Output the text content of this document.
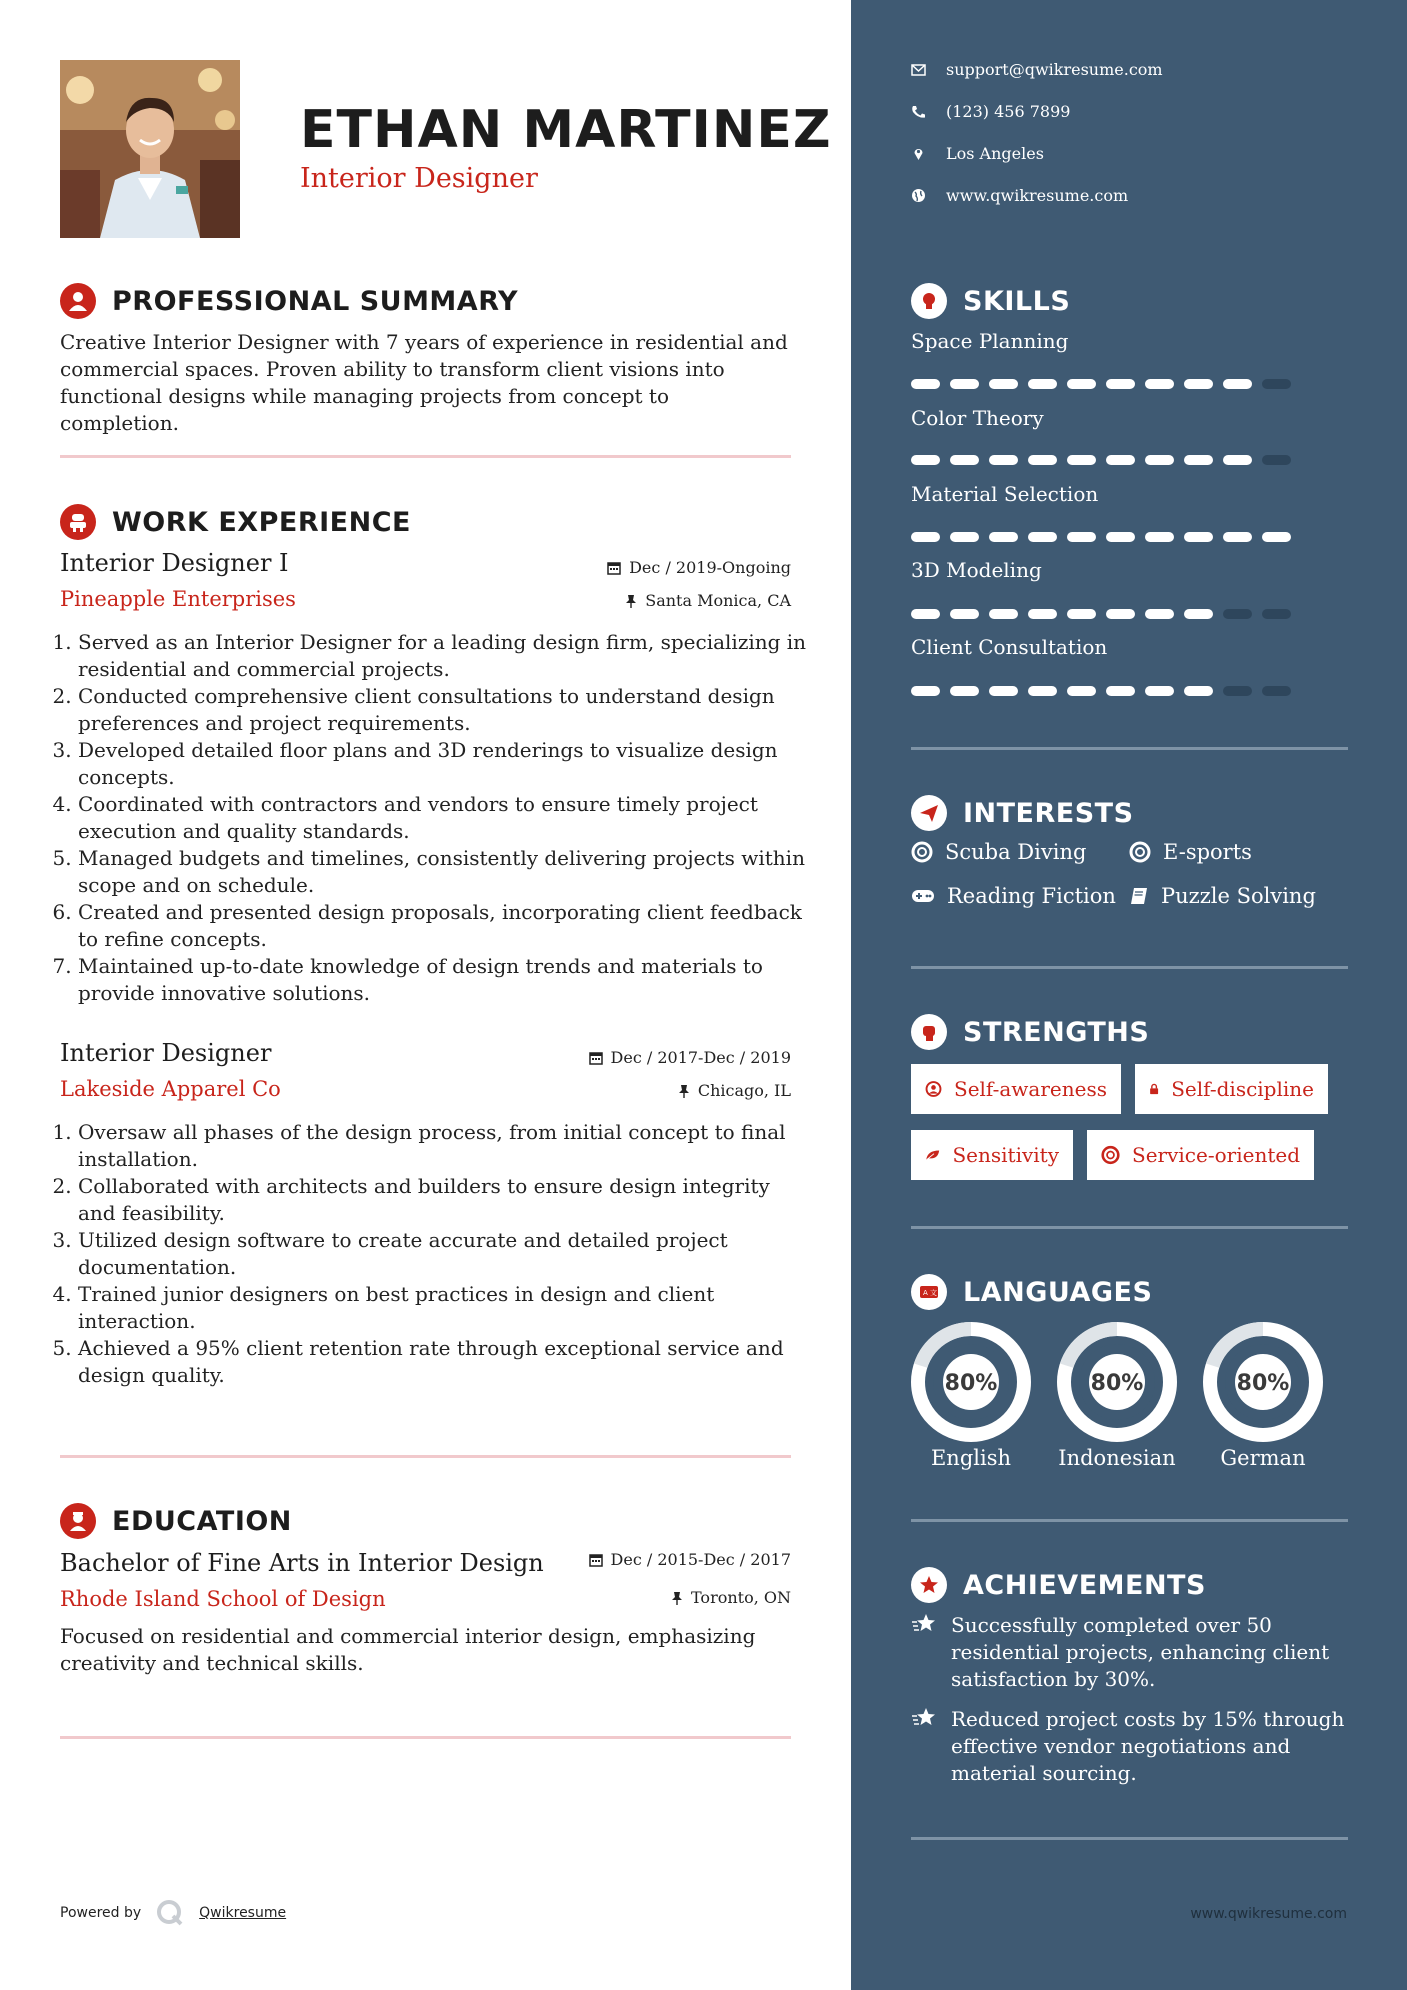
ETHAN MARTINEZ
Interior Designer
PROFESSIONAL SUMMARY

Creative Interior Designer with 7 years of experience in residential and commercial spaces. Proven ability to transform client visions into functional designs while managing projects from concept to completion.

WORK EXPERIENCE
Interior Designer I	Dec / 2019-Ongoing
Pineapple Enterprises	Santa Monica, CA
1. Served as an Interior Designer for a leading design firm, specializing in residential and commercial projects.
2. Conducted comprehensive client consultations to understand design preferences and project requirements.
3. Developed detailed floor plans and 3D renderings to visualize design concepts.
4. Coordinated with contractors and vendors to ensure timely project execution and quality standards.
5. Managed budgets and timelines, consistently delivering projects within scope and on schedule.
6. Created and presented design proposals, incorporating client feedback to refine concepts.
7. Maintained up-to-date knowledge of design trends and materials to provide innovative solutions.
Interior Designer	Dec / 2017-Dec / 2019
Lakeside Apparel Co	Chicago, IL
1. Oversaw all phases of the design process, from initial concept to final installation.
2. Collaborated with architects and builders to ensure design integrity and feasibility.
3. Utilized design software to create accurate and detailed project documentation.
4. Trained junior designers on best practices in design and client interaction.
5. Achieved a 95% client retention rate through exceptional service and design quality.
EDUCATION
Bachelor of Fine Arts in Interior Design	Dec / 2015-Dec / 2017
Rhode Island School of Design	Toronto, ON

Focused on residential and commercial interior design, emphasizing creativity and technical skills.

Powered by	Qwikresume
support@qwikresume.com
(123) 456 7899
Los Angeles
www.qwikresume.com
SKILLS
Space Planning
Color Theory
Material Selection
3D Modeling
Client Consultation
INTERESTS
Scuba Diving	E-sports
Reading Fiction Puzzle Solving
STRENGTHS
Self-awareness	Self-discipline
Sensitivity	Service-oriented
A 文 LANGUAGES
80%
English
80%
Indonesian
80%
German
ACHIEVEMENTS
Successfully completed over 50 residential projects, enhancing client satisfaction by 30%.
Reduced project costs by 15% through effective vendor negotiations and material sourcing.
www.qwikresume.com
